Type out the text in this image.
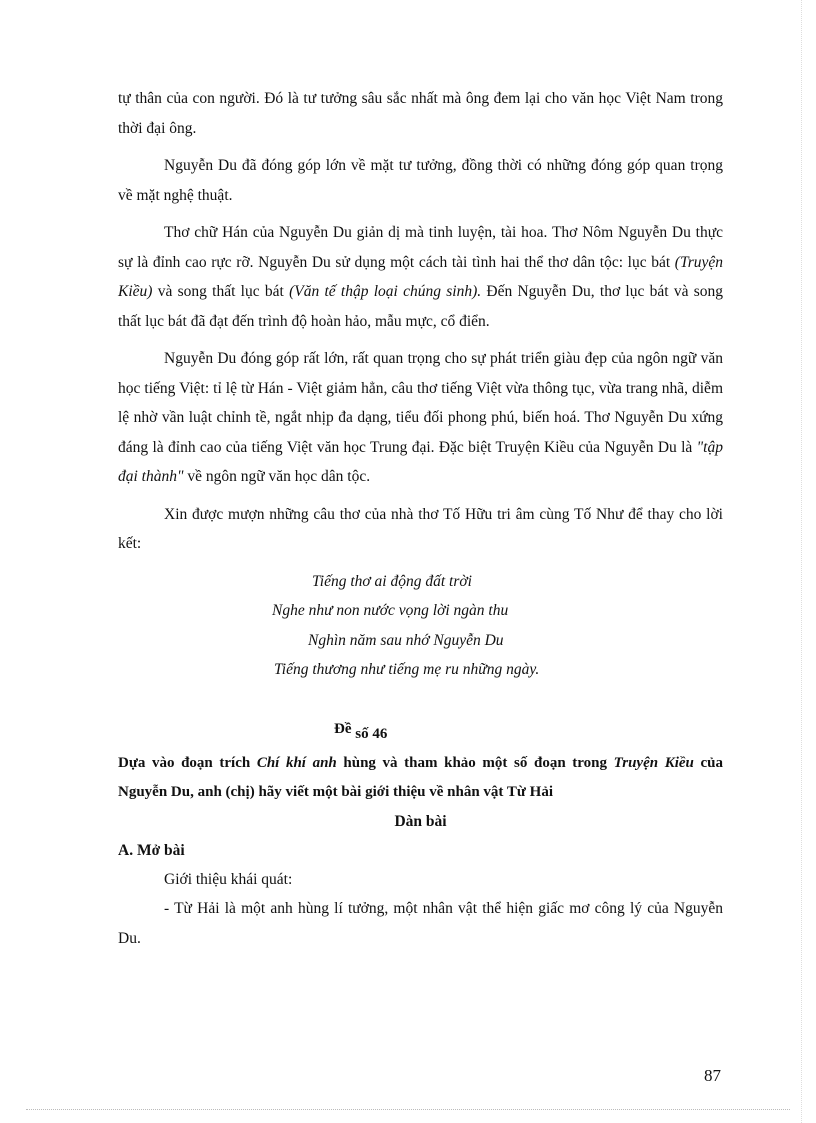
tự thân của con người. Đó là tư tưởng sâu sắc nhất mà ông đem lại cho văn học Việt Nam trong thời đại ông.

Nguyễn Du đã đóng góp lớn về mặt tư tưởng, đồng thời có những đóng góp quan trọng về mặt nghệ thuật.

Thơ chữ Hán của Nguyễn Du giản dị mà tinh luyện, tài hoa. Thơ Nôm Nguyễn Du thực sự là đỉnh cao rực rỡ. Nguyễn Du sử dụng một cách tài tình hai thể thơ dân tộc: lục bát (Truyện Kiều) và song thất lục bát (Văn tế thập loại chúng sinh). Đến Nguyễn Du, thơ lục bát và song thất lục bát đã đạt đến trình độ hoàn hảo, mẫu mực, cổ điển.

Nguyễn Du đóng góp rất lớn, rất quan trọng cho sự phát triển giàu đẹp của ngôn ngữ văn học tiếng Việt: tỉ lệ từ Hán - Việt giảm hẳn, câu thơ tiếng Việt vừa thông tục, vừa trang nhã, diễm lệ nhờ vần luật chỉnh tề, ngắt nhịp đa dạng, tiểu đối phong phú, biến hoá. Thơ Nguyễn Du xứng đáng là đỉnh cao của tiếng Việt văn học Trung đại. Đặc biệt Truyện Kiều của Nguyễn Du là "tập đại thành" về ngôn ngữ văn học dân tộc.

Xin được mượn những câu thơ của nhà thơ Tố Hữu tri âm cùng Tố Như để thay cho lời kết:

Tiếng thơ ai động đất trời
Nghe như non nước vọng lời ngàn thu
Nghìn năm sau nhớ Nguyễn Du
Tiếng thương như tiếng mẹ ru những ngày.
Đề số 46

Dựa vào đoạn trích Chí khí anh hùng và tham khảo một số đoạn trong Truyện Kiều của Nguyễn Du, anh (chị) hãy viết một bài giới thiệu về nhân vật Từ Hải

Dàn bài

A. Mở bài

Giới thiệu khái quát:

- Từ Hải là một anh hùng lí tưởng, một nhân vật thể hiện giấc mơ công lý của Nguyễn Du.

87
